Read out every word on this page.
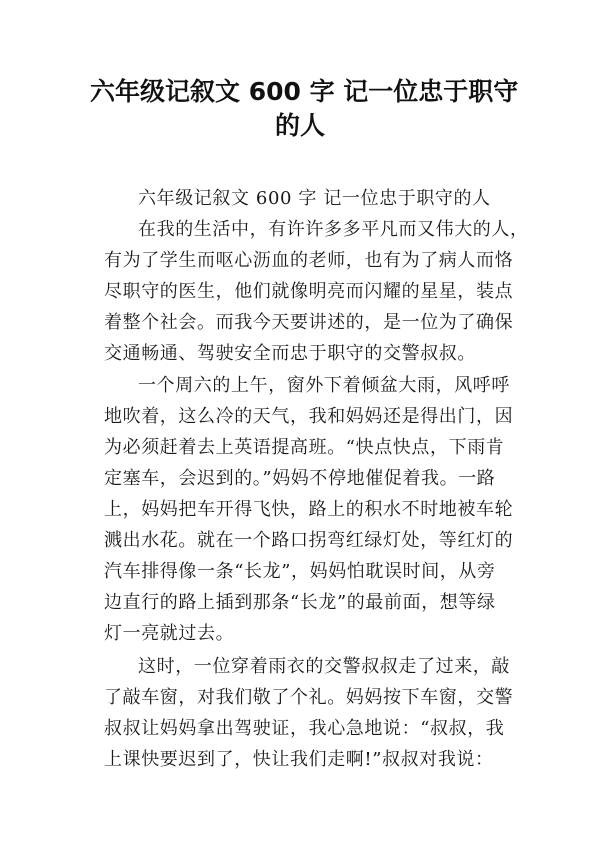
六年级记叙文 600 字 记一位忠于职守
的人
六年级记叙文 600 字 记一位忠于职守的人
在我的生活中，有许许多多平凡而又伟大的人，
有为了学生而呕心沥血的老师，也有为了病人而恪
尽职守的医生，他们就像明亮而闪耀的星星，装点
着整个社会。而我今天要讲述的，是一位为了确保
交通畅通、驾驶安全而忠于职守的交警叔叔。
一个周六的上午，窗外下着倾盆大雨，风呼呼
地吹着，这么冷的天气，我和妈妈还是得出门，因
为必须赶着去上英语提高班。“快点快点，下雨肯
定塞车，会迟到的。”妈妈不停地催促着我。一路
上，妈妈把车开得飞快，路上的积水不时地被车轮
溅出水花。就在一个路口拐弯红绿灯处，等红灯的
汽车排得像一条“长龙”，妈妈怕耽误时间，从旁
边直行的路上插到那条“长龙”的最前面，想等绿
灯一亮就过去。
这时，一位穿着雨衣的交警叔叔走了过来，敲
了敲车窗，对我们敬了个礼。妈妈按下车窗，交警
叔叔让妈妈拿出驾驶证，我心急地说：“叔叔，我
上课快要迟到了，快让我们走啊!”叔叔对我说：
